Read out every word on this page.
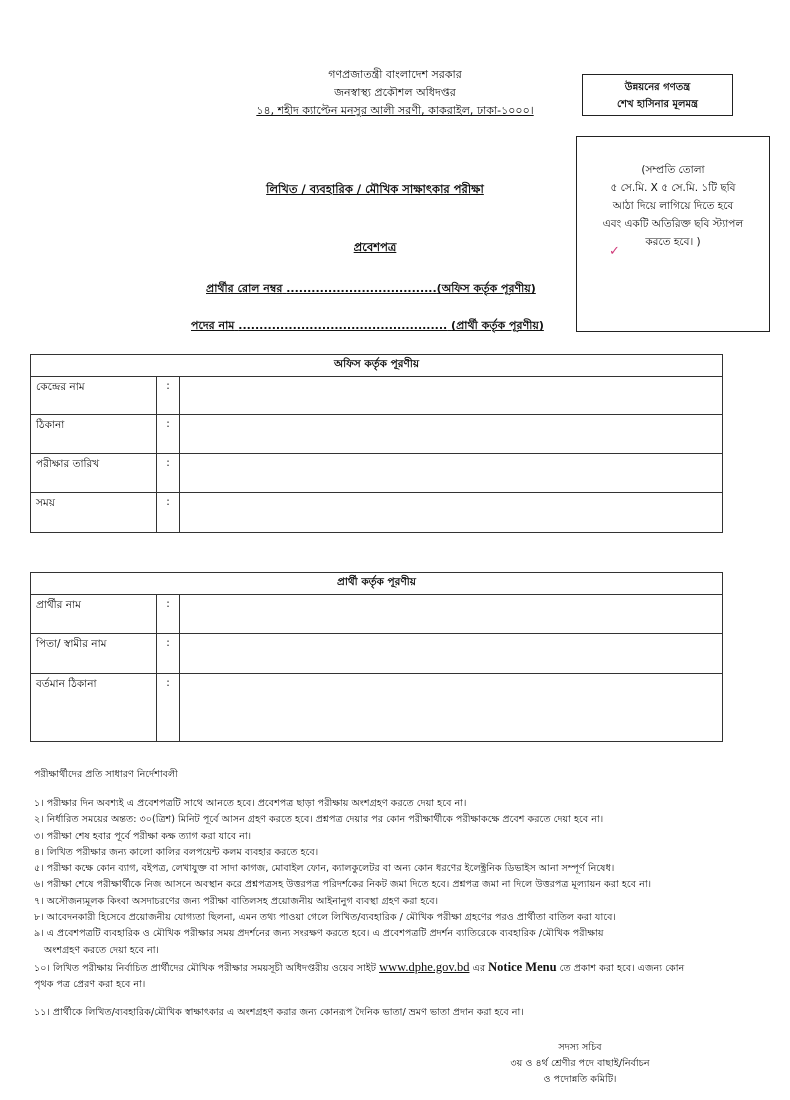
গণপ্রজাতন্ত্রী বাংলাদেশ সরকার
জনস্বাস্থ্য প্রকৌশল অধিদপ্তর
১৪, শহীদ ক্যাপ্টেন মনসুর আলী সরণী, কাকরাইল, ঢাকা-১০০০।
উন্নয়নের গণতন্ত্র
শেখ হাসিনার মূলমন্ত্র
(সম্প্রতি তোলা
৫ সে.মি. X ৫ সে.মি. ১টি ছবি
আঠা দিয়ে লাগিয়ে দিতে হবে
এবং একটি অতিরিক্ত ছবি স্ট্যাপল
করতে হবে। )
✓
লিখিত / ব্যবহারিক / মৌখিক সাক্ষাৎকার পরীক্ষা
প্রবেশপত্র
প্রার্থীর রোল নম্বর ....................................(অফিস কর্তৃক পূরণীয়)
পদের নাম .................................................. (প্রার্থী কর্তৃক পূরণীয়)
অফিস কর্তৃক পূরণীয়		
কেন্দ্রের নাম	:	
ঠিকানা	:	
পরীক্ষার তারিখ	:	
সময়	:	
প্রার্থী কর্তৃক পূরণীয়		
প্রার্থীর নাম	:	
পিতা/ স্বামীর নাম	:	
বর্তমান ঠিকানা	:	
পরীক্ষার্থীদের প্রতি সাধারণ নির্দেশাবলী
১। পরীক্ষার দিন অবশ্যই এ প্রবেশপত্রটি সাথে আনতে হবে। প্রবেশপত্র ছাড়া পরীক্ষায় অংশগ্রহণ করতে দেয়া হবে না।
২। নির্ধারিত সময়ের অন্তত: ৩০(ত্রিশ) মিনিট পূর্বে আসন গ্রহণ করতে হবে। প্রশ্নপত্র দেয়ার পর কোন পরীক্ষার্থীকে পরীক্ষাকক্ষে প্রবেশ করতে দেয়া হবে না।
৩। পরীক্ষা শেষ হবার পূর্বে পরীক্ষা কক্ষ ত্যাগ করা যাবে না।
৪। লিখিত পরীক্ষার জন্য কালো কালির বলপয়েন্ট কলম ব্যবহার করতে হবে।
৫। পরীক্ষা কক্ষে কোন ব্যাগ, বইপত্র, লেখাযুক্ত বা সাদা কাগজ, মোবাইল ফোন, ক্যালকুলেটর বা অন্য কোন ধরণের ইলেক্ট্রনিক ডিভাইস আনা সম্পূর্ণ নিষেধ।
৬। পরীক্ষা শেষে পরীক্ষার্থীকে নিজ আসনে অবস্থান করে প্রশ্নপত্রসহ উত্তরপত্র পরিদর্শকের নিকট জমা দিতে হবে। প্রশ্নপত্র জমা না দিলে উত্তরপত্র মূল্যায়ন করা হবে না।
৭। অসৌজন্যমূলক কিংবা অসদাচরণের জন্য পরীক্ষা বাতিলসহ প্রয়োজনীয় আইনানুগ ব্যবস্থা গ্রহণ করা হবে।
৮। আবেদনকারী হিসেবে প্রয়োজনীয় যোগ্যতা ছিলনা, এমন তথ্য পাওয়া গেলে লিখিত/ব্যবহারিক / মৌখিক পরীক্ষা গ্রহণের পরও প্রার্থীতা বাতিল করা যাবে।
৯। এ প্রবেশপত্রটি ব্যবহারিক ও মৌখিক পরীক্ষার সময় প্রদর্শনের জন্য সংরক্ষণ করতে হবে। এ প্রবেশপত্রটি প্রদর্শন ব্যাতিরেকে ব্যবহারিক /মৌখিক পরীক্ষায়
অংশগ্রহণ করতে দেয়া হবে না।
১০। লিখিত পরীক্ষায় নির্বাচিত প্রার্থীদের মৌখিক পরীক্ষার সময়সূচী অধিদপ্তরীয় ওয়েব সাইট www.dphe.gov.bd এর Notice Menu তে প্রকাশ করা হবে। এজন্য কোন
পৃথক পত্র প্রেরণ করা হবে না।
১১। প্রার্থীকে লিখিত/ব্যবহারিক/মৌখিক স্বাক্ষাৎকার এ অংশগ্রহণ করার জন্য কোনরূপ দৈনিক ভাতা/ ভ্রমণ ভাতা প্রদান করা হবে না।
সদস্য সচিব
৩য় ও ৪র্থ শ্রেণীর পদে বাছাই/নির্বাচন
ও পদোন্নতি কমিটি।
